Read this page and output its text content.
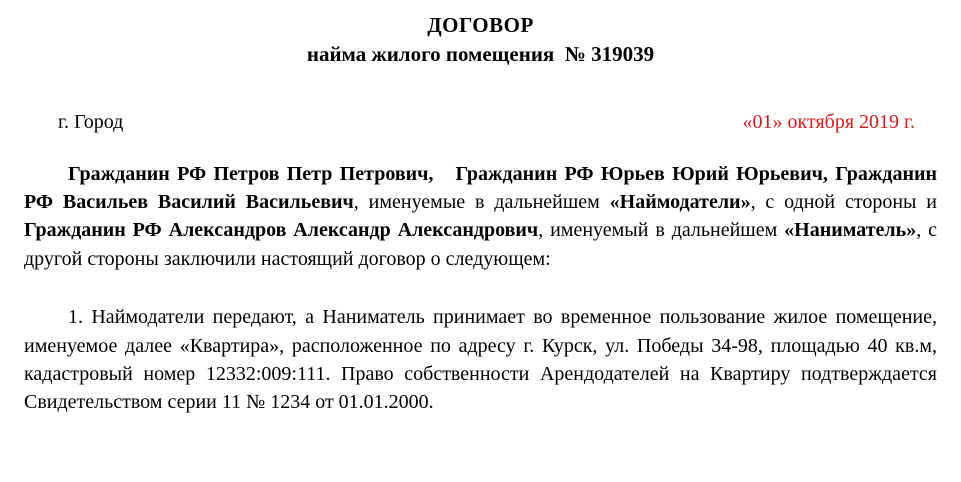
ДОГОВОР
найма жилого помещения № 319039
г. Город	«01» октября 2019 г.
Гражданин РФ Петров Петр Петрович, Гражданин РФ Юрьев Юрий Юрьевич, Гражданин РФ Васильев Василий Васильевич, именуемые в дальнейшем «Наймодатели», с одной стороны и Гражданин РФ Александров Александр Александрович, именуемый в дальнейшем «Наниматель», с другой стороны заключили настоящий договор о следующем:
1. Наймодатели передают, а Наниматель принимает во временное пользование жилое помещение, именуемое далее «Квартира», расположенное по адресу г. Курск, ул. Победы 34-98, площадью 40 кв.м, кадастровый номер 12332:009:111. Право собственности Арендодателей на Квартиру подтверждается Свидетельством серии 11 № 1234 от 01.01.2000.
